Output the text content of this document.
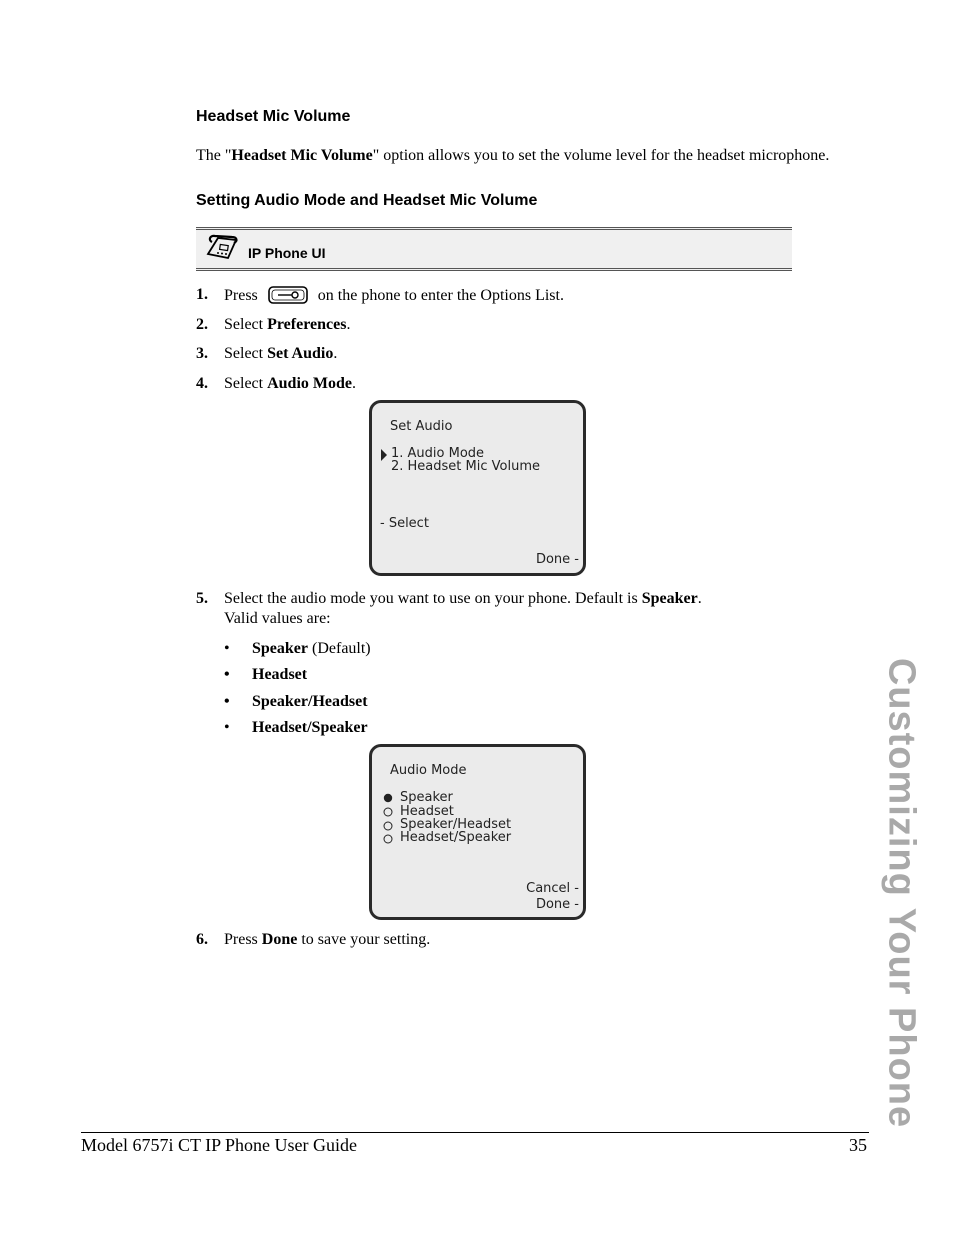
Headset Mic Volume
The "Headset Mic Volume" option allows you to set the volume level for the headset microphone.
Setting Audio Mode and Headset Mic Volume
IP Phone UI
1. Press	on the phone to enter the Options List.
2. Select Preferences.
3. Select Set Audio.
4. Select Audio Mode.
Set Audio
1. Audio Mode
2. Headset Mic Volume
- Select
Done -
5. Select the audio mode you want to use on your phone. Default is Speaker.
Valid values are:
• Speaker (Default)
• Headset
• Speaker/Headset
• Headset/Speaker
Audio Mode
Speaker
Headset
Speaker/Headset
Headset/Speaker
Cancel -
Done -
6. Press Done to save your setting.	Customizing Your Phone
Model 6757i CT IP Phone User Guide	35
